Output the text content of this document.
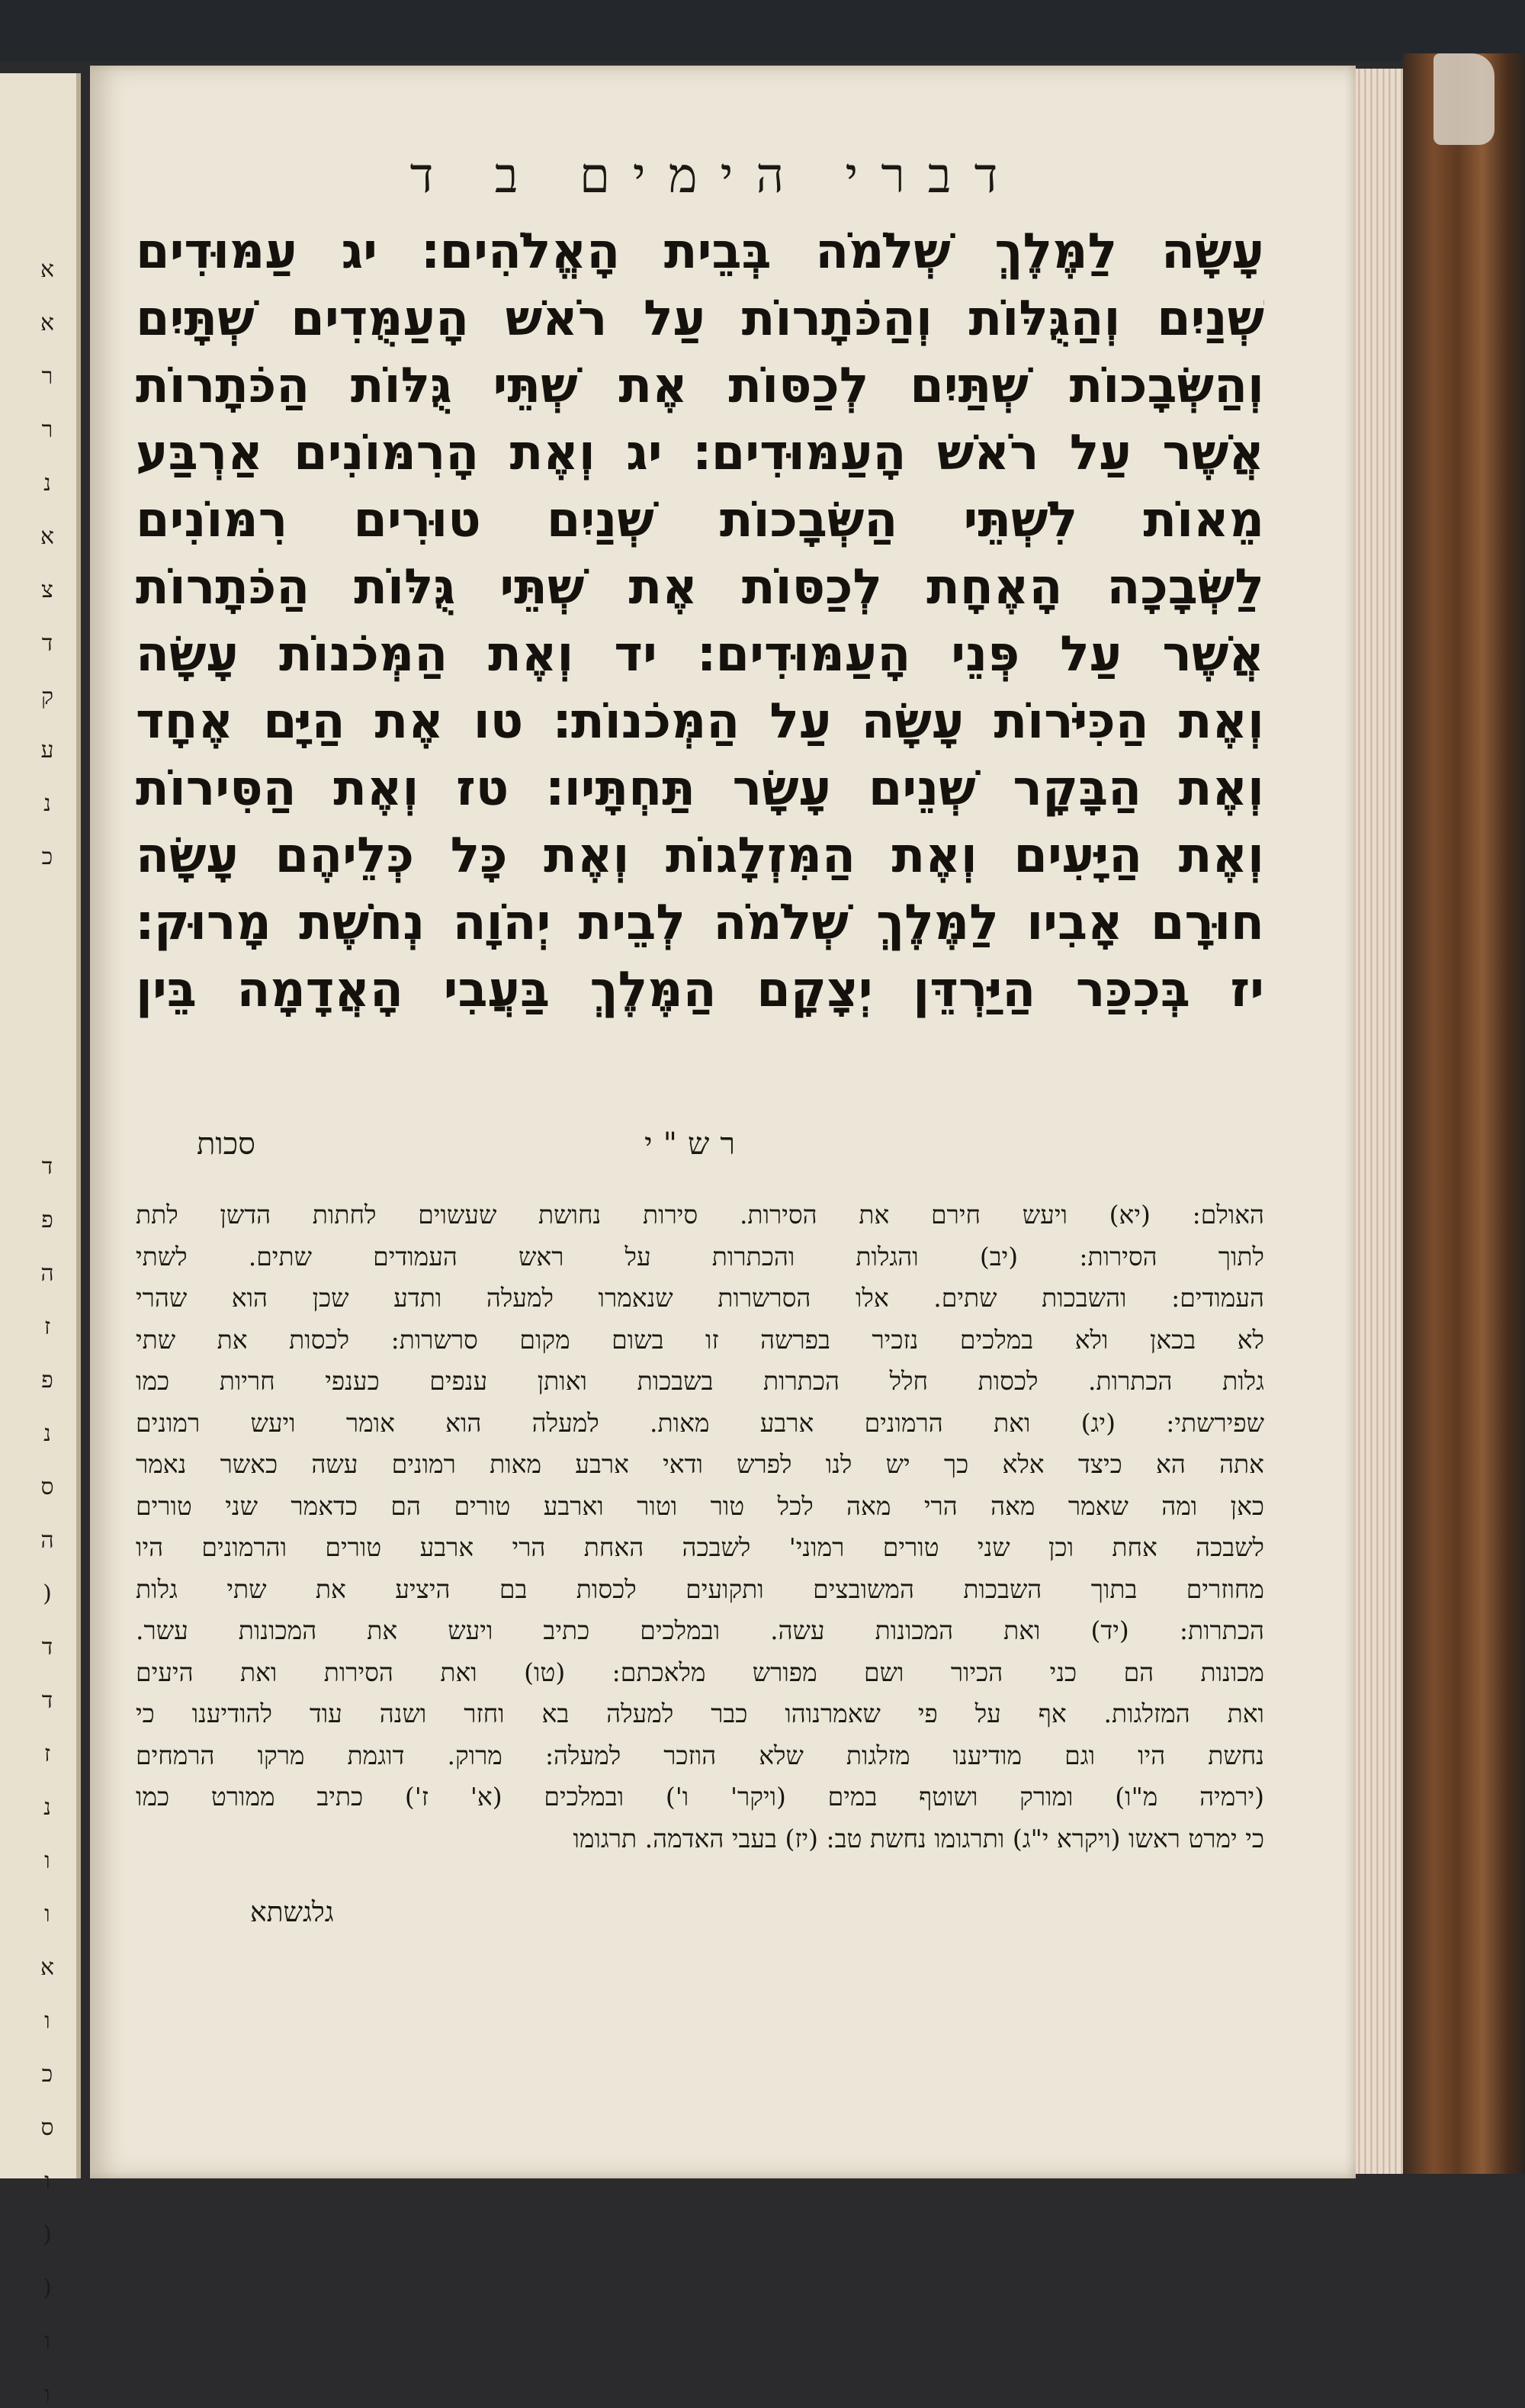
א
א
ר
ר
נ
א
צ
ד
ק
ע
נ
כ
ד
פ
ה
ז
פ
נ
ס
ה
(
ד
ד
ז
נ
ו
ו
א
ו
כ
ס
ו
(
(
ו
ו
דברי הימים ב ד
עָשָׂה לַמֶּלֶךְ שְׁלֹמֹה בְּבֵית הָאֱלֹהִים׃ יג עַמּוּדִים
שְׁנַיִם וְהַגֻּלּוֹת וְהַכֹּתָרוֹת עַל רֹאשׁ הָעַמֻּדִים שְׁתָּיִם
וְהַשְּׂבָכוֹת שְׁתַּיִם לְכַסּוֹת אֶת שְׁתֵּי גֻּלּוֹת הַכֹּתָרוֹת
אֲשֶׁר עַל רֹאשׁ הָעַמּוּדִים׃ יג וְאֶת הָרִמּוֹנִים אַרְבַּע
מֵאוֹת לִשְׁתֵּי הַשְּׂבָכוֹת שְׁנַיִם טוּרִים רִמּוֹנִים
לַשְּׂבָכָה הָאֶחָת לְכַסּוֹת אֶת שְׁתֵּי גֻּלּוֹת הַכֹּתָרוֹת
אֲשֶׁר עַל פְּנֵי הָעַמּוּדִים׃ יד וְאֶת הַמְּכֹנוֹת עָשָׂה
וְאֶת הַכִּיֹּרוֹת עָשָׂה עַל הַמְּכֹנוֹת׃ טו אֶת הַיָּם אֶחָד
וְאֶת הַבָּקָר שְׁנֵים עָשָׂר תַּחְתָּיו׃ טז וְאֶת הַסִּירוֹת
וְאֶת הַיָּעִים וְאֶת הַמִּזְלָגוֹת וְאֶת כָּל כְּלֵיהֶם עָשָׂה
חוּרָם אָבִיו לַמֶּלֶךְ שְׁלֹמֹה לְבֵית יְהֹוָה נְחֹשֶׁת מָרוּק׃
יז בְּכִכַּר הַיַּרְדֵּן יְצָקָם הַמֶּלֶךְ בַּעֲבִי הָאֲדָמָה בֵּין
רש"י
סכות
האולם: (יא) ויעש חירם את הסירות. סירות נחושת שעשוים לחתות הדשן לתת
לתוך הסירות: (יב) והגלות והכתרות על ראש העמודים שתים. לשתי
העמודים: והשבכות שתים. אלו הסרשרות שנאמרו למעלה ותדע שכן הוא שהרי
לא בכאן ולא במלכים נזכיר בפרשה זו בשום מקום סרשרות: לכסות את שתי
גלות הכתרות. לכסות חלל הכתרות בשבכות ואותן ענפים כענפי חריות כמו
שפירשתי: (יג) ואת הרמונים ארבע מאות. למעלה הוא אומר ויעש רמונים
אתה הא כיצד אלא כך יש לנו לפרש ודאי ארבע מאות רמונים עשה כאשר נאמר
כאן ומה שאמר מאה הרי מאה לכל טור וטור וארבע טורים הם כדאמר שני טורים
לשבכה אחת וכן שני טורים רמוני' לשבכה האחת הרי ארבע טורים והרמונים היו
מחוזרים בתוך השבכות המשובצים ותקועים לכסות בם היציע את שתי גלות
הכתרות: (יד) ואת המכונות עשה. ובמלכים כתיב ויעש את המכונות עשר.
מכונות הם כני הכיור ושם מפורש מלאכתם: (טו) ואת הסירות ואת היעים
ואת המזלגות. אף על פי שאמרנוהו כבר למעלה בא וחזר ושנה עוד להודיענו כי
נחשת היו וגם מודיענו מזלגות שלא הוזכר למעלה: מרוק. דוגמת מרקו הרמחים
(ירמיה מ"ו) ומורק ושוטף במים (ויקר' ו') ובמלכים (א' ז') כתיב ממורט כמו
כי ימרט ראשו (ויקרא י"ג) ותרגומו נחשת טב: (יז) בעבי האדמה. תרגומו
גלגשתא
